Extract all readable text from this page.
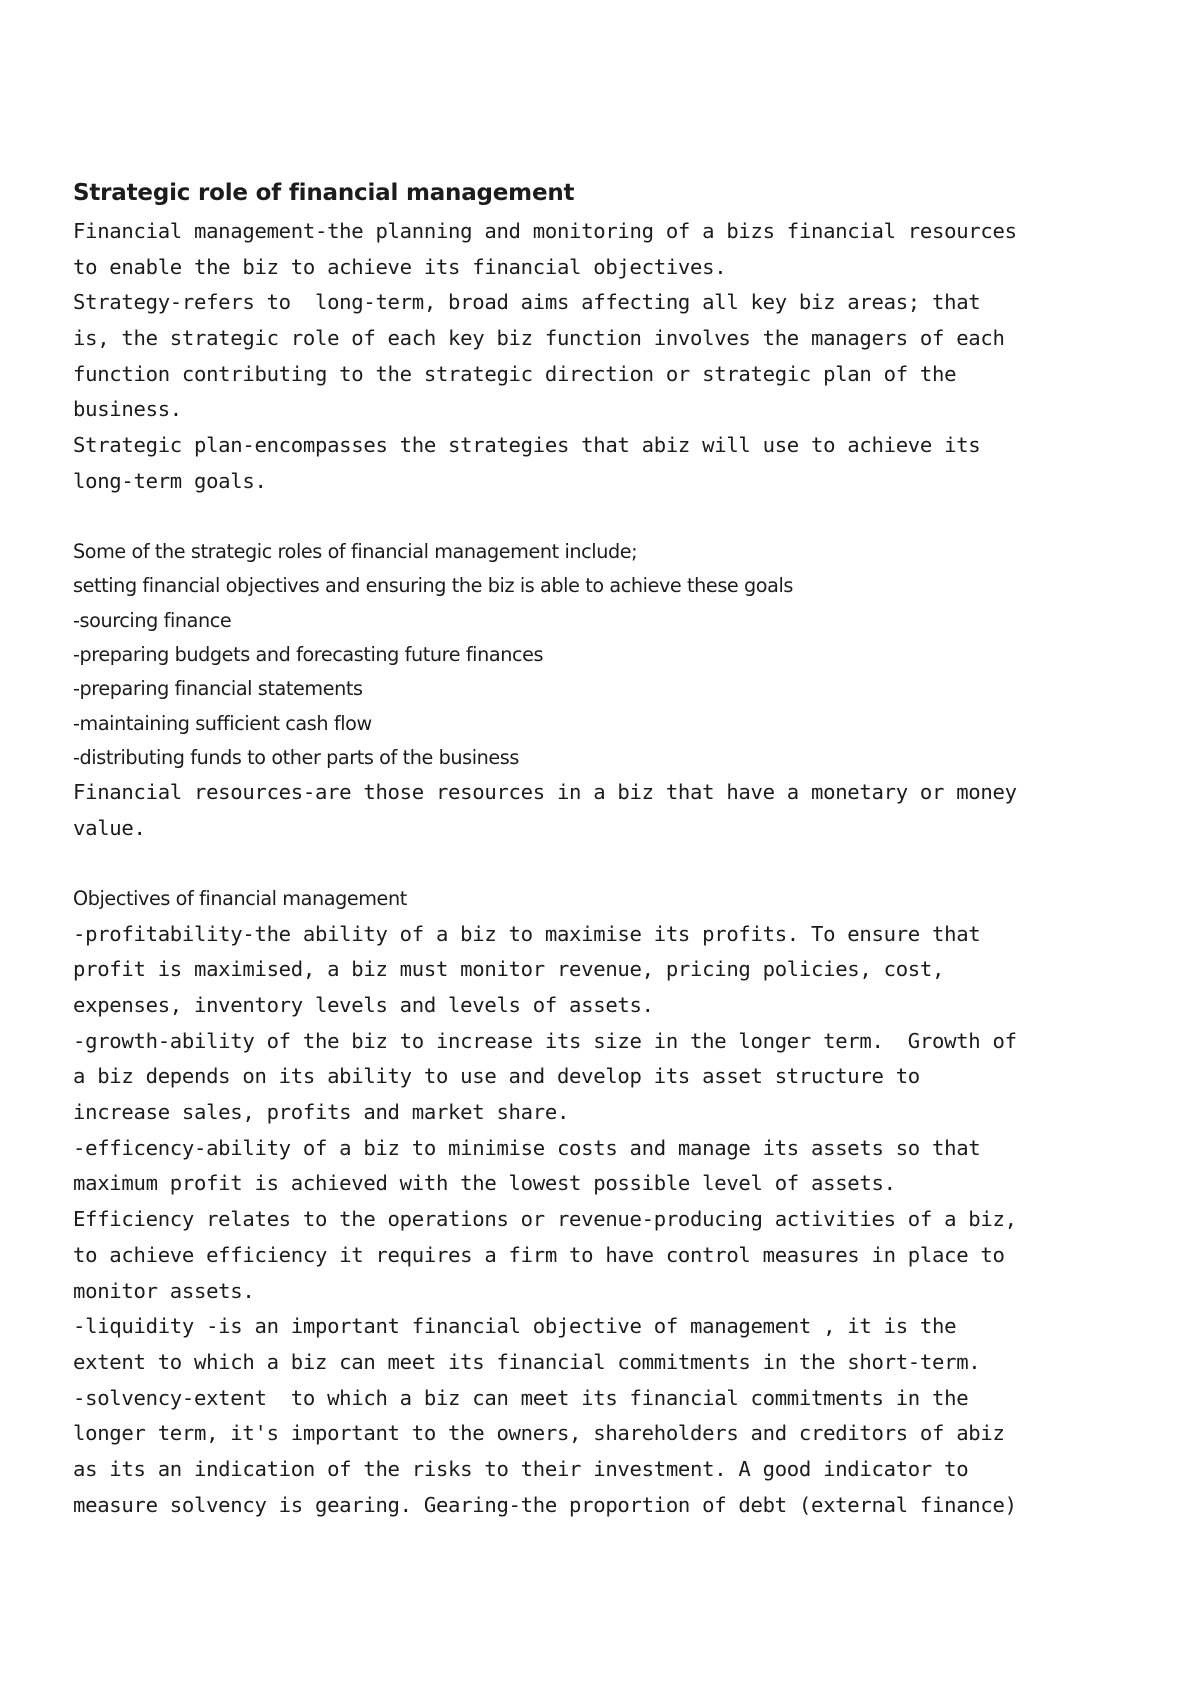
Strategic role of financial management
Financial management-the planning and monitoring of a bizs financial resources
to enable the biz to achieve its financial objectives.
Strategy-refers to  long-term, broad aims affecting all key biz areas; that
is, the strategic role of each key biz function involves the managers of each
function contributing to the strategic direction or strategic plan of the
business.
Strategic plan-encompasses the strategies that abiz will use to achieve its
long-term goals.
Some of the strategic roles of financial management include;
setting financial objectives and ensuring the biz is able to achieve these goals
-sourcing finance
-preparing budgets and forecasting future finances
-preparing financial statements
-maintaining sufficient cash flow
-distributing funds to other parts of the business
Financial resources-are those resources in a biz that have a monetary or money
value.
Objectives of financial management
-profitability-the ability of a biz to maximise its profits. To ensure that
profit is maximised, a biz must monitor revenue, pricing policies, cost,
expenses, inventory levels and levels of assets.
-growth-ability of the biz to increase its size in the longer term.  Growth of
a biz depends on its ability to use and develop its asset structure to
increase sales, profits and market share.
-efficency-ability of a biz to minimise costs and manage its assets so that
maximum profit is achieved with the lowest possible level of assets.
Efficiency relates to the operations or revenue-producing activities of a biz,
to achieve efficiency it requires a firm to have control measures in place to
monitor assets.
-liquidity -is an important financial objective of management , it is the
extent to which a biz can meet its financial commitments in the short-term.
-solvency-extent  to which a biz can meet its financial commitments in the
longer term, it's important to the owners, shareholders and creditors of abiz
as its an indication of the risks to their investment. A good indicator to
measure solvency is gearing. Gearing-the proportion of debt (external finance)
